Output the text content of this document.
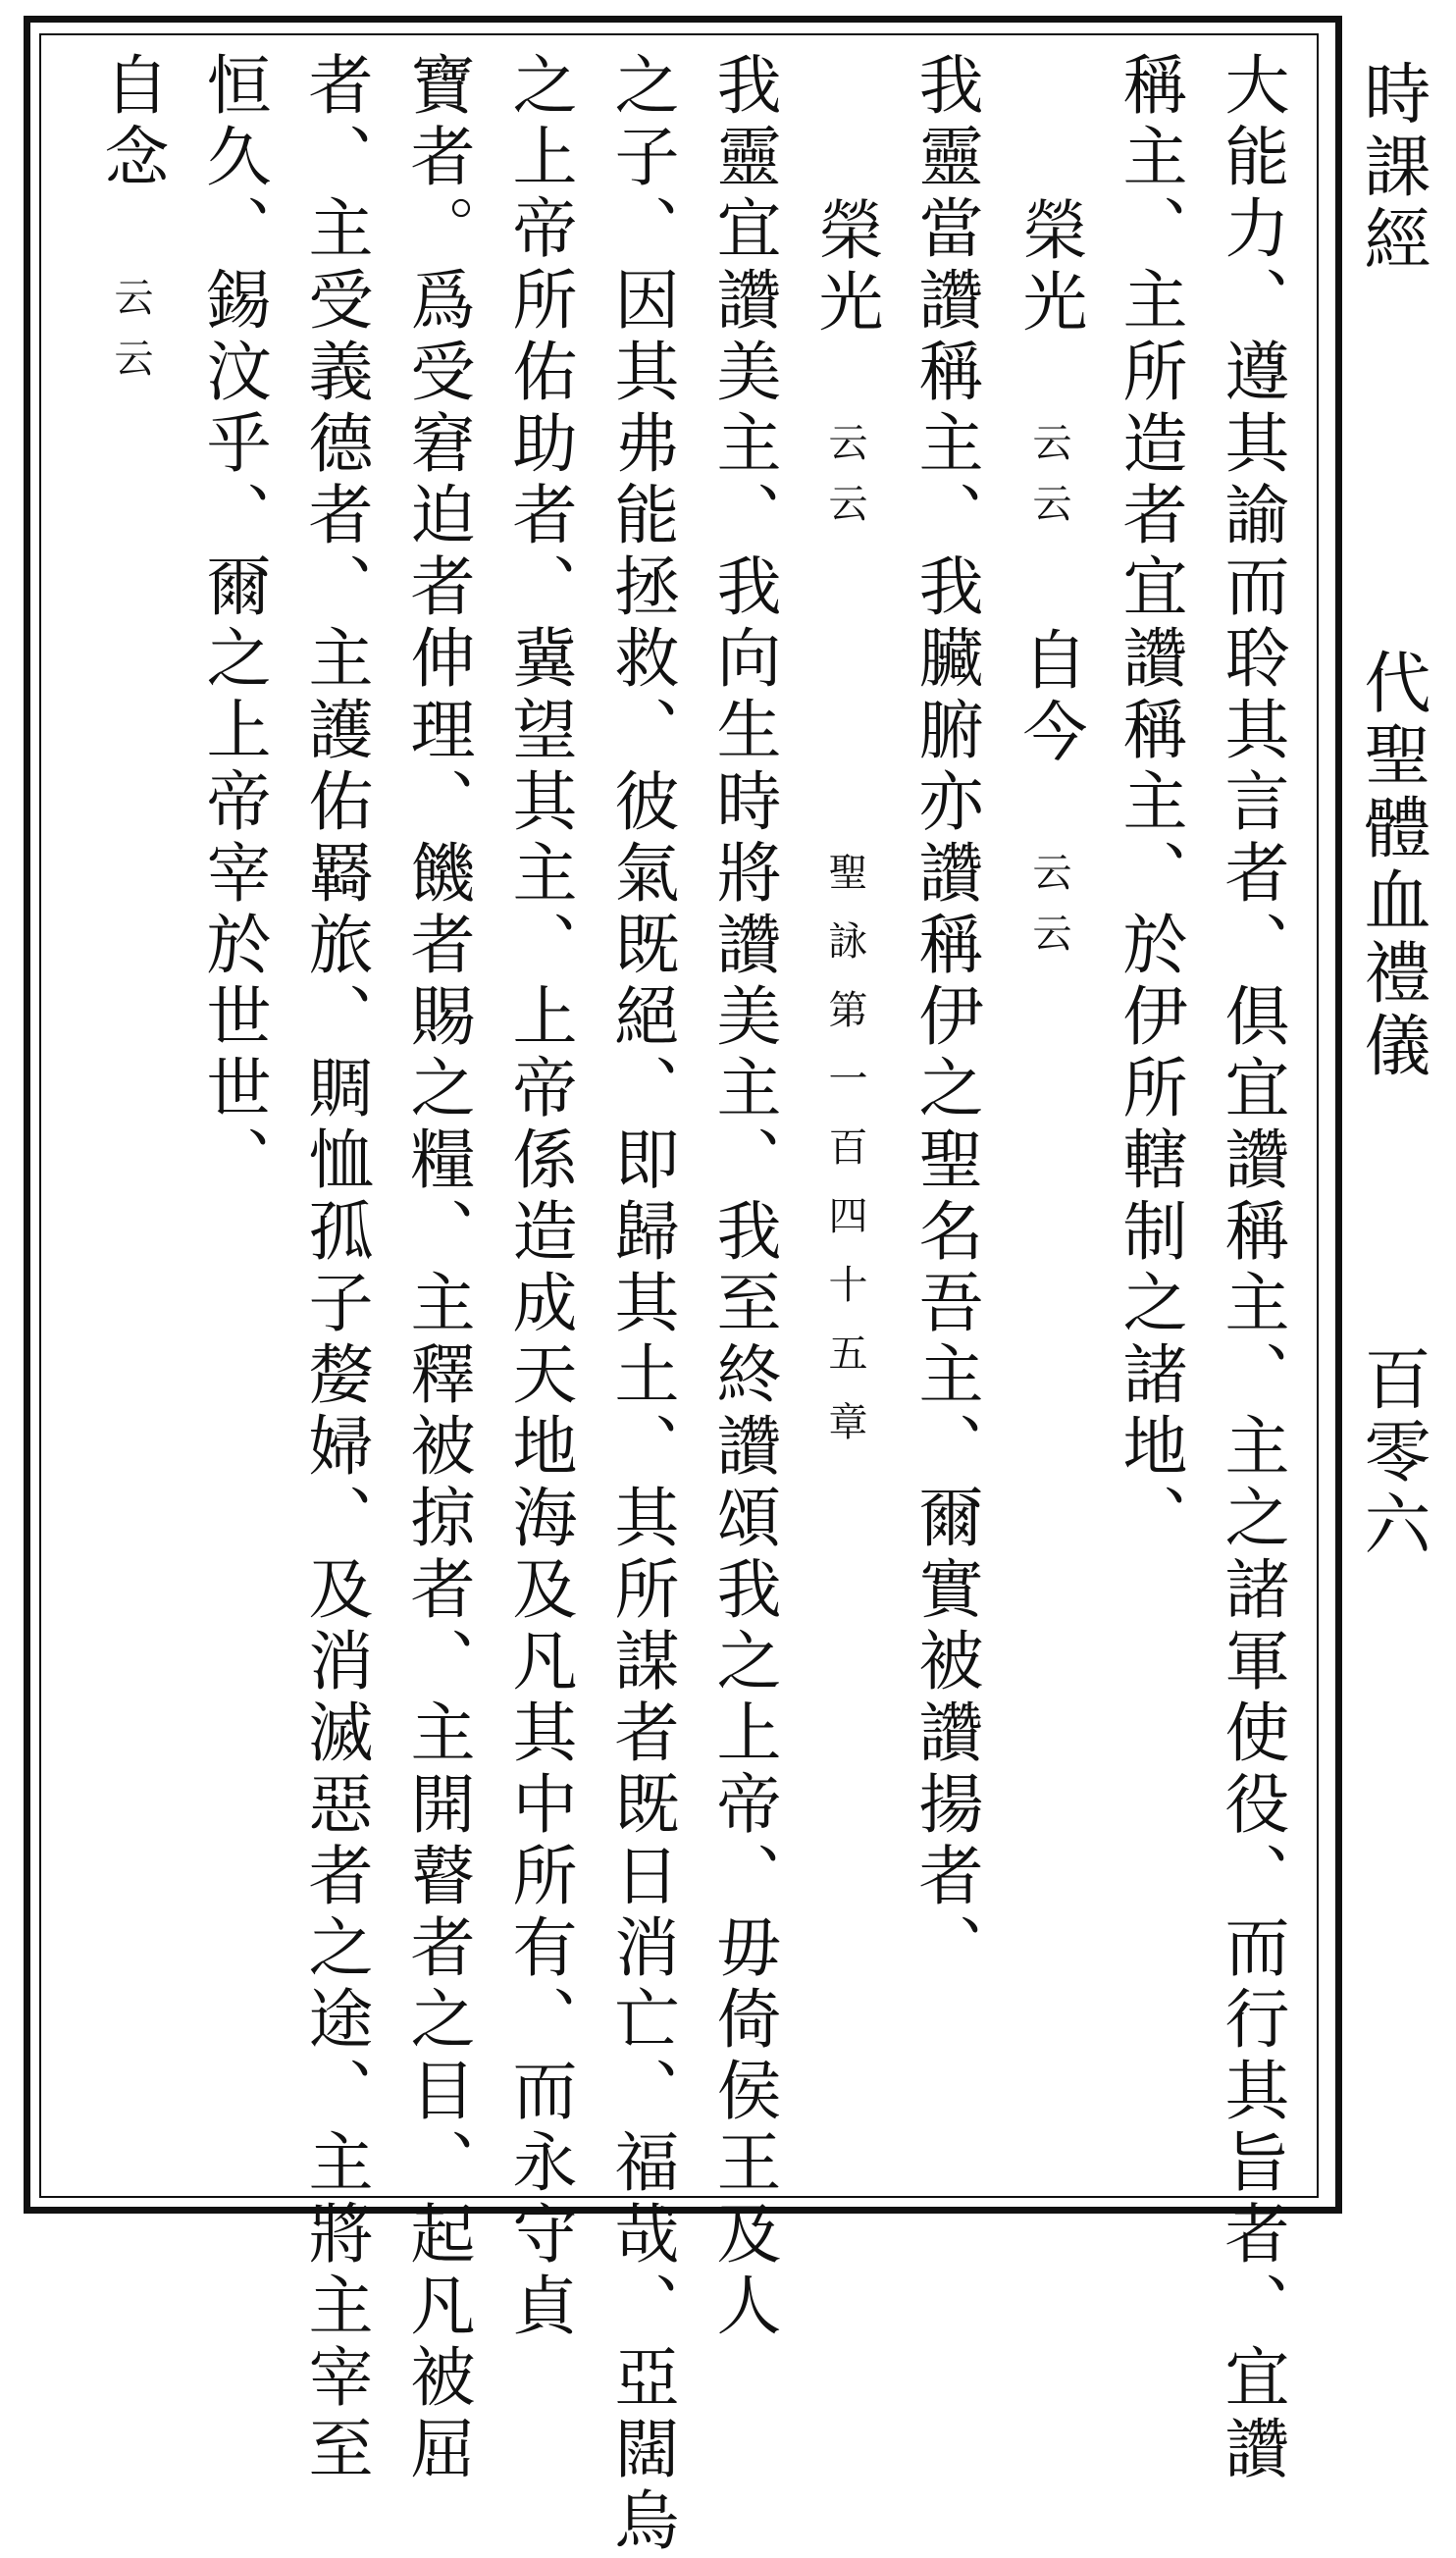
時課經
代聖體血禮儀
百零六
大能力、遵其諭而聆其言者、俱宜讚稱主、主之諸軍使役、而行其旨者、宜讚
稱主、主所造者宜讚稱主、於伊所轄制之諸地、
榮光 云云 自今 云云
我靈當讚稱主、我臟腑亦讚稱伊之聖名吾主、爾實被讚揚者、
榮光 云云 聖詠第一百四十五章
我靈宜讚美主、我向生時將讚美主、我至終讚頌我之上帝、毋倚侯王及人
之子、因其弗能拯救、彼氣既絕、即歸其土、其所謀者既日消亡、福哉、亞闊烏
之上帝所佑助者、冀望其主、上帝係造成天地海及凡其中所有、而永守貞
寶者。爲受窘迫者伸理、饑者賜之糧、主釋被掠者、主開瞽者之目、起凡被屈
者、主受義德者、主護佑羇旅、賙恤孤子嫠婦、及消滅惡者之途、主將主宰至
恒久、錫汶乎、爾之上帝宰於世世、
自念 云云
